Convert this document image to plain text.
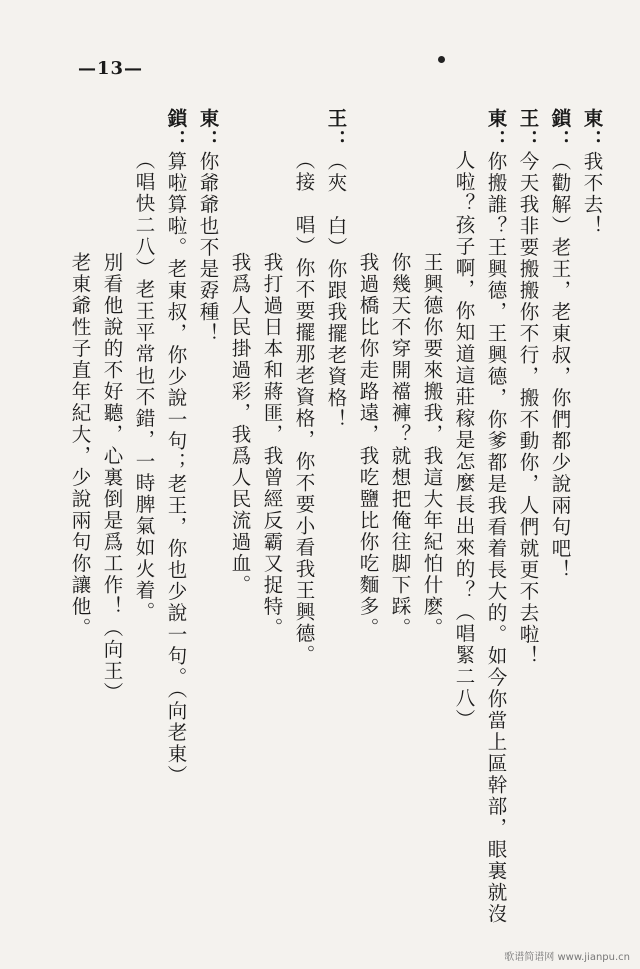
—13—
東：我不去！
鎖：（勸解）老王，老東叔，你們都少說兩句吧！
王：今天我非要搬搬你不行，搬不動你，人們就更不去啦！
東：你搬誰？王興德，王興德，你爹都是我看着長大的。如今你當上區幹部，眼裏就沒
人啦？孩子啊，你知道這莊稼是怎麼長出來的？（唱緊二八）
王興德你要來搬我，我這大年紀怕什麽。
你幾天不穿開襠褲？就想把俺往脚下踩。
我過橋比你走路遠，我吃鹽比你吃麵多。
王：（夾　白）你跟我擺老資格！
（接　唱）你不要擺那老資格，你不要小看我王興德。
我打過日本和蔣匪，我曾經反霸又捉特。
我爲人民掛過彩，我爲人民流過血。
東：你爺爺也不是孬種！
鎖：算啦算啦。老東叔，你少說一句；老王，你也少說一句。（向老東）
（唱快二八）老王平常也不錯，一時脾氣如火着。
別看他說的不好聽，心裏倒是爲工作！（向王）
老東爺性子直年紀大，少說兩句你讓他。
歌谱简谱网 www.jianpu.cn
